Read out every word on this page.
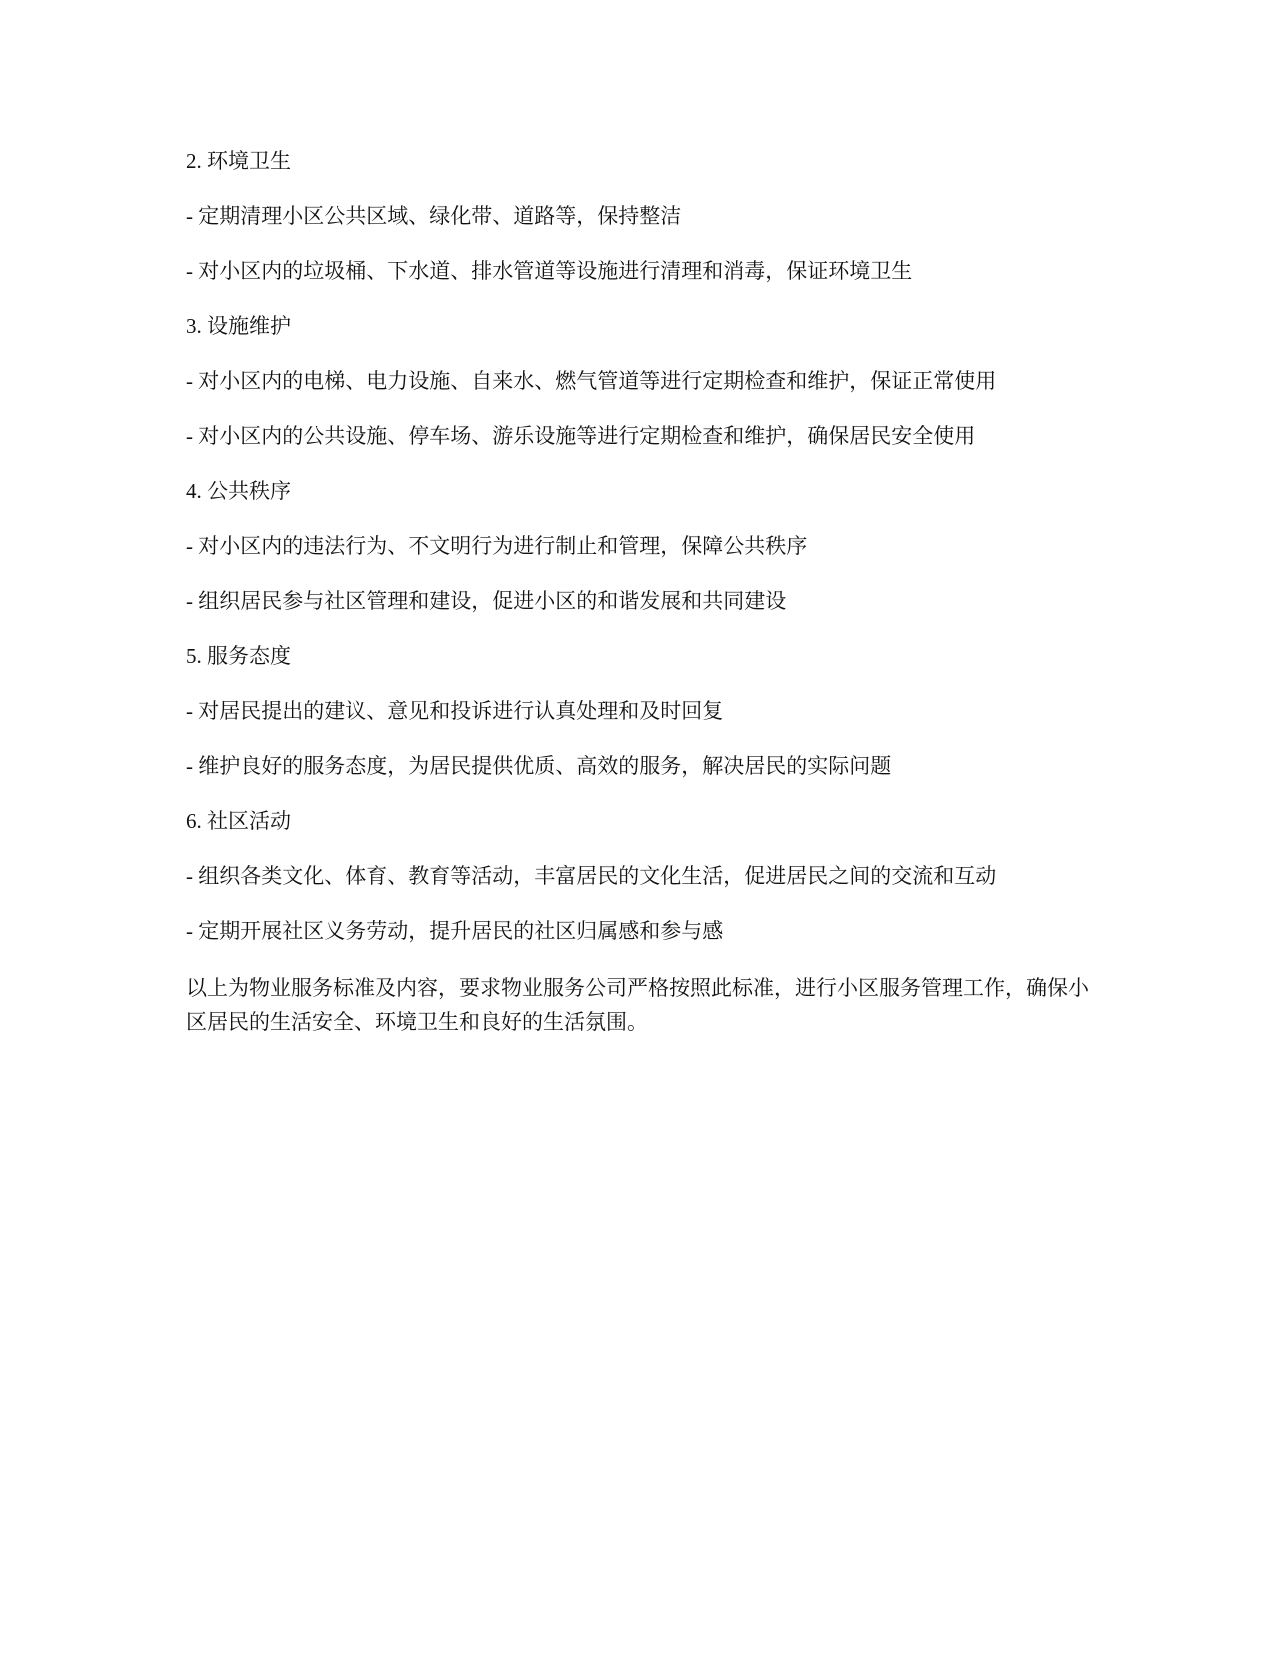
2. 环境卫生

- 定期清理小区公共区域、绿化带、道路等，保持整洁

- 对小区内的垃圾桶、下水道、排水管道等设施进行清理和消毒，保证环境卫生

3. 设施维护

- 对小区内的电梯、电力设施、自来水、燃气管道等进行定期检查和维护，保证正常使用

- 对小区内的公共设施、停车场、游乐设施等进行定期检查和维护，确保居民安全使用

4. 公共秩序

- 对小区内的违法行为、不文明行为进行制止和管理，保障公共秩序

- 组织居民参与社区管理和建设，促进小区的和谐发展和共同建设

5. 服务态度

- 对居民提出的建议、意见和投诉进行认真处理和及时回复

- 维护良好的服务态度，为居民提供优质、高效的服务，解决居民的实际问题

6. 社区活动

- 组织各类文化、体育、教育等活动，丰富居民的文化生活，促进居民之间的交流和互动

- 定期开展社区义务劳动，提升居民的社区归属感和参与感

以上为物业服务标准及内容，要求物业服务公司严格按照此标准，进行小区服务管理工作，确保小区居民的生活安全、环境卫生和良好的生活氛围。
